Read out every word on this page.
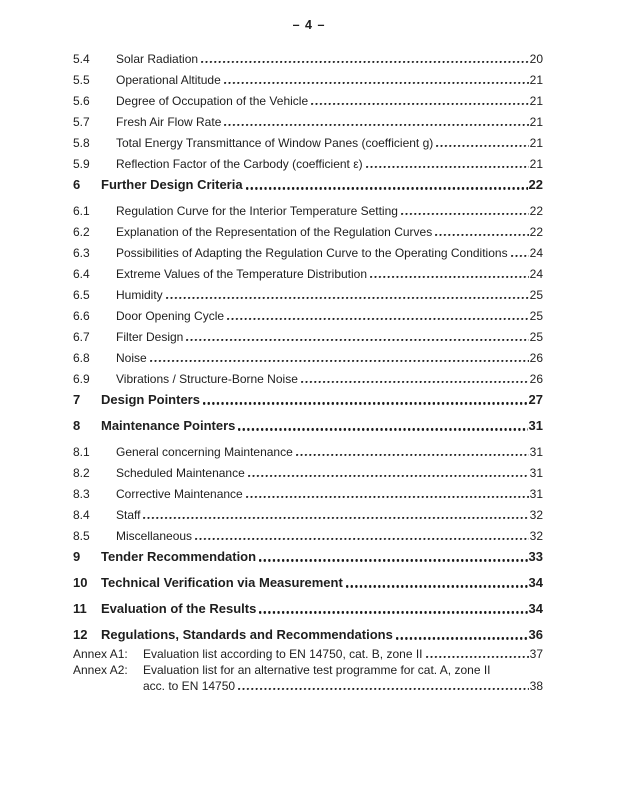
– 4 –
5.4	Solar Radiation	20
5.5	Operational Altitude	21
5.6	Degree of Occupation of the Vehicle	21
5.7	Fresh Air Flow Rate	21
5.8	Total Energy Transmittance of Window Panes (coefficient g)	21
5.9	Reflection Factor of the Carbody (coefficient ε)	21
6	Further Design Criteria	22
6.1	Regulation Curve for the Interior Temperature Setting	22
6.2	Explanation of the Representation of the Regulation Curves	22
6.3	Possibilities of Adapting the Regulation Curve to the Operating Conditions 24
6.4	Extreme Values of the Temperature Distribution	24
6.5	Humidity	25
6.6	Door Opening Cycle	25
6.7	Filter Design	25
6.8	Noise	26
6.9	Vibrations / Structure-Borne Noise	26
7	Design Pointers	27
8	Maintenance Pointers	31
8.1	General concerning Maintenance	31
8.2	Scheduled Maintenance	31
8.3	Corrective Maintenance	31
8.4	Staff	32
8.5	Miscellaneous	32
9	Tender Recommendation	33
10	Technical Verification via Measurement	34
11	Evaluation of the Results	34
12	Regulations, Standards and Recommendations	36
Annex A1:	Evaluation list according to EN 14750, cat. B, zone II	37
Annex A2:	Evaluation list for an alternative test programme for cat. A, zone II
acc. to EN 14750	38
